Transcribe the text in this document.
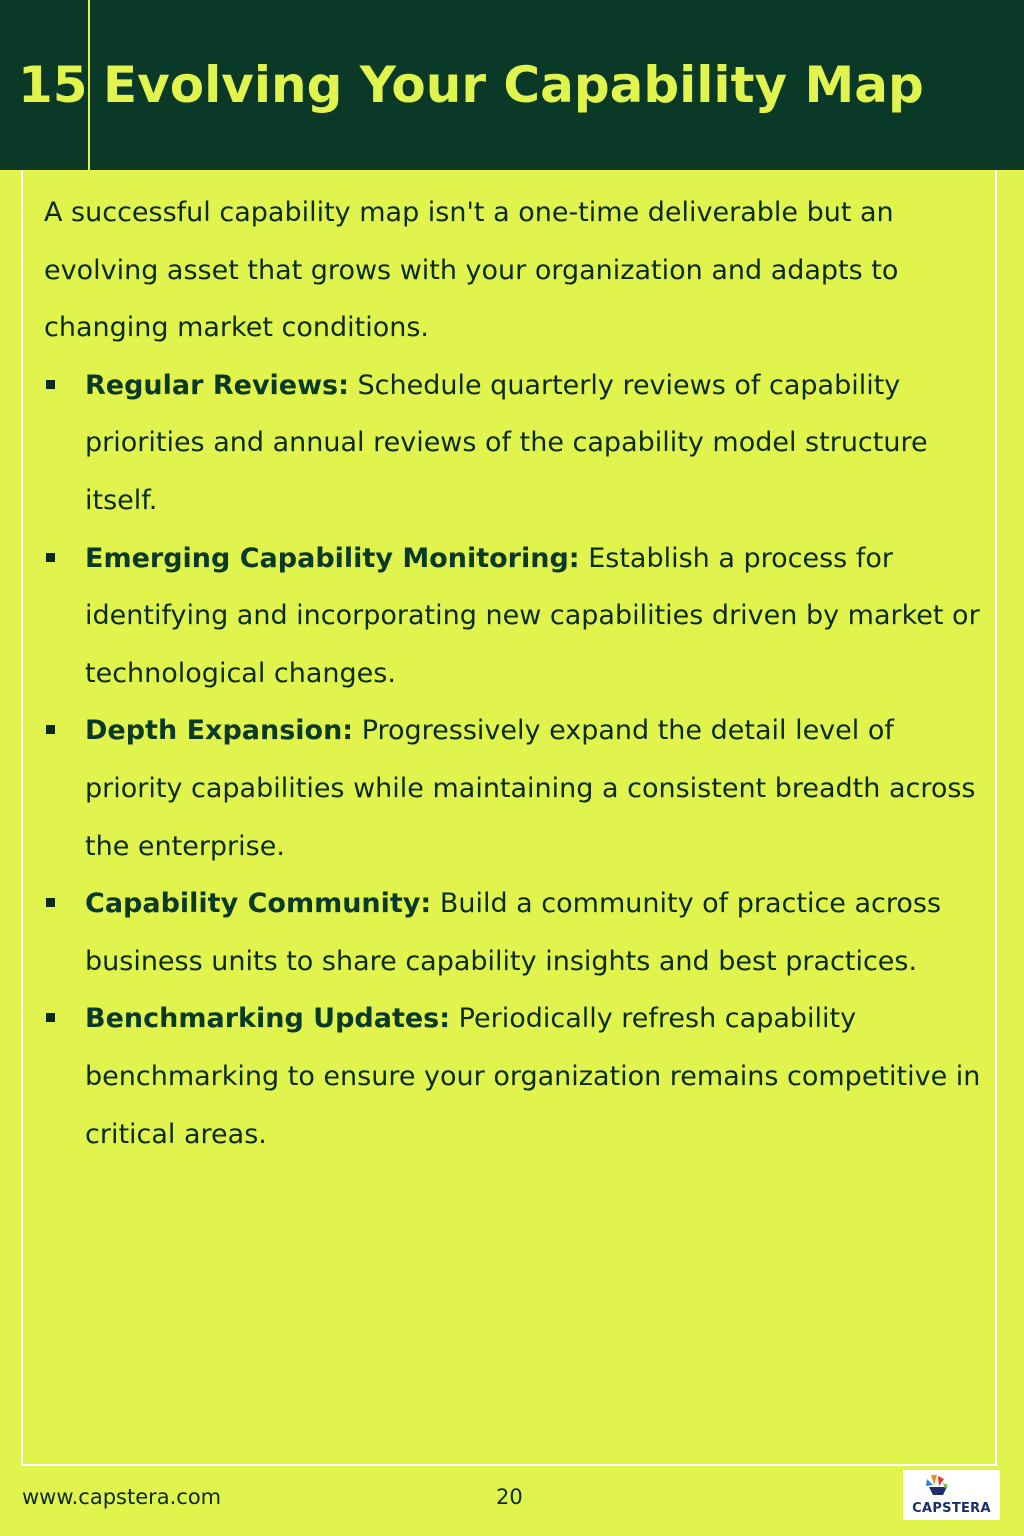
15 Evolving Your Capability Map

A successful capability map isn't a one-time deliverable but an evolving asset that grows with your organization and adapts to changing market conditions.

Regular Reviews: Schedule quarterly reviews of capability priorities and annual reviews of the capability model structure itself.
Emerging Capability Monitoring: Establish a process for identifying and incorporating new capabilities driven by market or technological changes.
Depth Expansion: Progressively expand the detail level of priority capabilities while maintaining a consistent breadth across the enterprise.
Capability Community: Build a community of practice across business units to share capability insights and best practices.
Benchmarking Updates: Periodically refresh capability benchmarking to ensure your organization remains competitive in critical areas.
www.capstera.com	20	CAPSTERA
